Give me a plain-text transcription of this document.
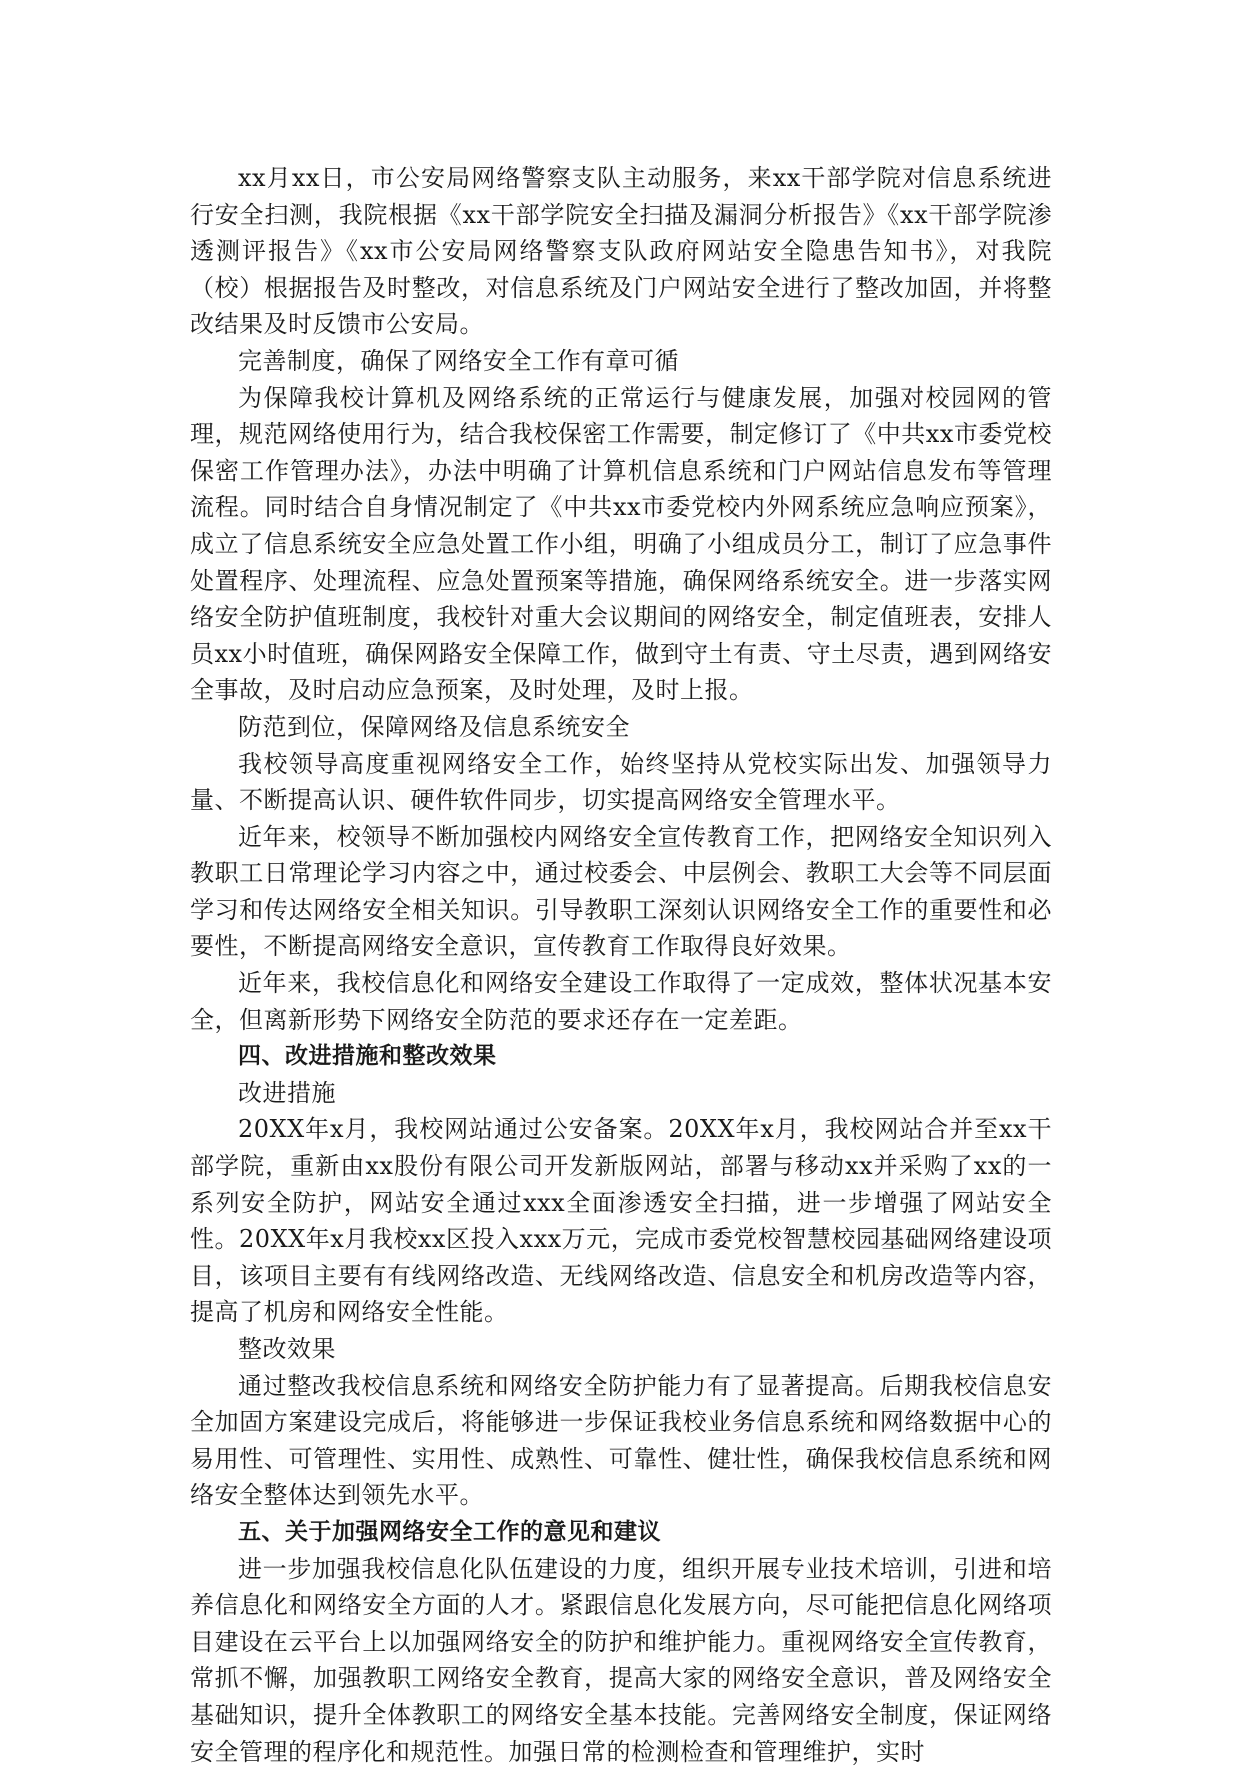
xx月xx日，市公安局网络警察支队主动服务，来xx干部学院对信息系统进行安全扫测，我院根据《xx干部学院安全扫描及漏洞分析报告》《xx干部学院渗透测评报告》《xx市公安局网络警察支队政府网站安全隐患告知书》，对我院（校）根据报告及时整改，对信息系统及门户网站安全进行了整改加固，并将整改结果及时反馈市公安局。

完善制度，确保了网络安全工作有章可循

为保障我校计算机及网络系统的正常运行与健康发展，加强对校园网的管理，规范网络使用行为，结合我校保密工作需要，制定修订了《中共xx市委党校保密工作管理办法》，办法中明确了计算机信息系统和门户网站信息发布等管理流程。同时结合自身情况制定了《中共xx市委党校内外网系统应急响应预案》，成立了信息系统安全应急处置工作小组，明确了小组成员分工，制订了应急事件处置程序、处理流程、应急处置预案等措施，确保网络系统安全。进一步落实网络安全防护值班制度，我校针对重大会议期间的网络安全，制定值班表，安排人员xx小时值班，确保网路安全保障工作，做到守土有责、守土尽责，遇到网络安全事故，及时启动应急预案，及时处理，及时上报。

防范到位，保障网络及信息系统安全

我校领导高度重视网络安全工作，始终坚持从党校实际出发、加强领导力量、不断提高认识、硬件软件同步，切实提高网络安全管理水平。

近年来，校领导不断加强校内网络安全宣传教育工作，把网络安全知识列入教职工日常理论学习内容之中，通过校委会、中层例会、教职工大会等不同层面学习和传达网络安全相关知识。引导教职工深刻认识网络安全工作的重要性和必要性，不断提高网络安全意识，宣传教育工作取得良好效果。

近年来，我校信息化和网络安全建设工作取得了一定成效，整体状况基本安全，但离新形势下网络安全防范的要求还存在一定差距。

四、改进措施和整改效果

改进措施

20XX年x月，我校网站通过公安备案。20XX年x月，我校网站合并至xx干部学院，重新由xx股份有限公司开发新版网站，部署与移动xx并采购了xx的一系列安全防护，网站安全通过xxx全面渗透安全扫描，进一步增强了网站安全性。20XX年x月我校xx区投入xxx万元，完成市委党校智慧校园基础网络建设项目，该项目主要有有线网络改造、无线网络改造、信息安全和机房改造等内容，提高了机房和网络安全性能。

整改效果

通过整改我校信息系统和网络安全防护能力有了显著提高。后期我校信息安全加固方案建设完成后，将能够进一步保证我校业务信息系统和网络数据中心的易用性、可管理性、实用性、成熟性、可靠性、健壮性，确保我校信息系统和网络安全整体达到领先水平。

五、关于加强网络安全工作的意见和建议

进一步加强我校信息化队伍建设的力度，组织开展专业技术培训，引进和培养信息化和网络安全方面的人才。紧跟信息化发展方向，尽可能把信息化网络项目建设在云平台上以加强网络安全的防护和维护能力。重视网络安全宣传教育，常抓不懈，加强教职工网络安全教育，提高大家的网络安全意识，普及网络安全基础知识，提升全体教职工的网络安全基本技能。完善网络安全制度，保证网络安全管理的程序化和规范性。加强日常的检测检查和管理维护，实时
